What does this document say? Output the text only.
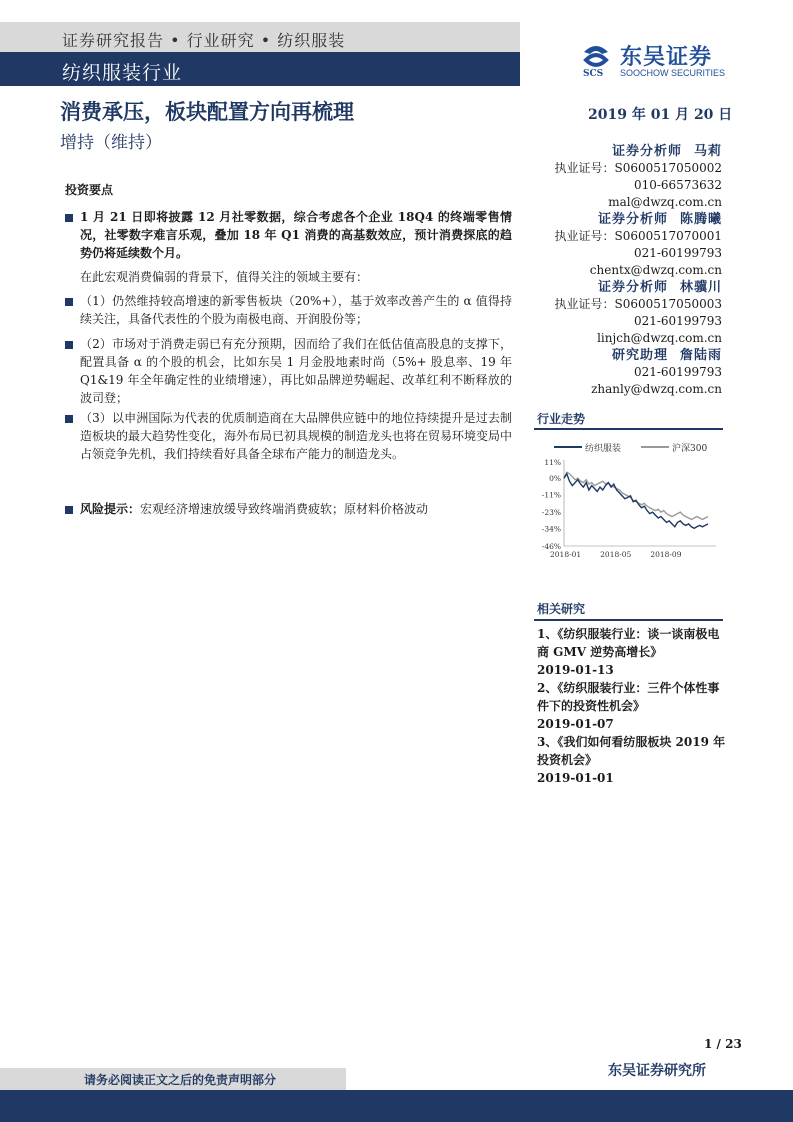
证券研究报告 • 行业研究 • 纺织服装
纺织服装行业	SCS
东吴证券
SOOCHOW SECURITIES
消费承压，板块配置方向再梳理
增持（维持）
2019 年 01 月 20 日
证券分析师 马莉
执业证号：S0600517050002
010-66573632
mal@dwzq.com.cn
证券分析师 陈腾曦
执业证号：S0600517070001
021-60199793
chentx@dwzq.com.cn
证券分析师 林骥川
执业证号：S0600517050003
021-60199793
linjch@dwzq.com.cn
研究助理 詹陆雨
021-60199793
zhanly@dwzq.com.cn
投资要点
1 月 21 日即将披露 12 月社零数据，综合考虑各个企业 18Q4 的终端零售情况，社零数字难言乐观，叠加 18 年 Q1 消费的高基数效应，预计消费探底的趋势仍将延续数个月。
在此宏观消费偏弱的背景下，值得关注的领域主要有：
（1）仍然维持较高增速的新零售板块（20%+），基于效率改善产生的 α 值得持续关注，具备代表性的个股为南极电商、开润股份等；
（2）市场对于消费走弱已有充分预期，因而给了我们在低估值高股息的支撑下，配置具备 α 的个股的机会，比如东吴 1 月金股地素时尚（5%+ 股息率、19 年 Q1&19 年全年确定性的业绩增速），再比如品牌逆势崛起、改革红利不断释放的波司登；
（3）以申洲国际为代表的优质制造商在大品牌供应链中的地位持续提升是过去制造板块的最大趋势性变化，海外布局已初具规模的制造龙头也将在贸易环境变局中占领竞争先机，我们持续看好具备全球布产能力的制造龙头。
风险提示：宏观经济增速放缓导致终端消费疲软；原材料价格波动
行业走势
纺织服装	沪深300
11%
0%
-11%
-23%
-34%
-46%
2018-01	2018-05	2018-09
相关研究
1、《纺织服装行业：谈一谈南极电商 GMV 逆势高增长》
2019-01-13
2、《纺织服装行业：三件个体性事件下的投资性机会》
2019-01-07
3、《我们如何看纺服板块 2019 年投资机会》
2019-01-01
1 / 23
东吴证券研究所
请务必阅读正文之后的免责声明部分
